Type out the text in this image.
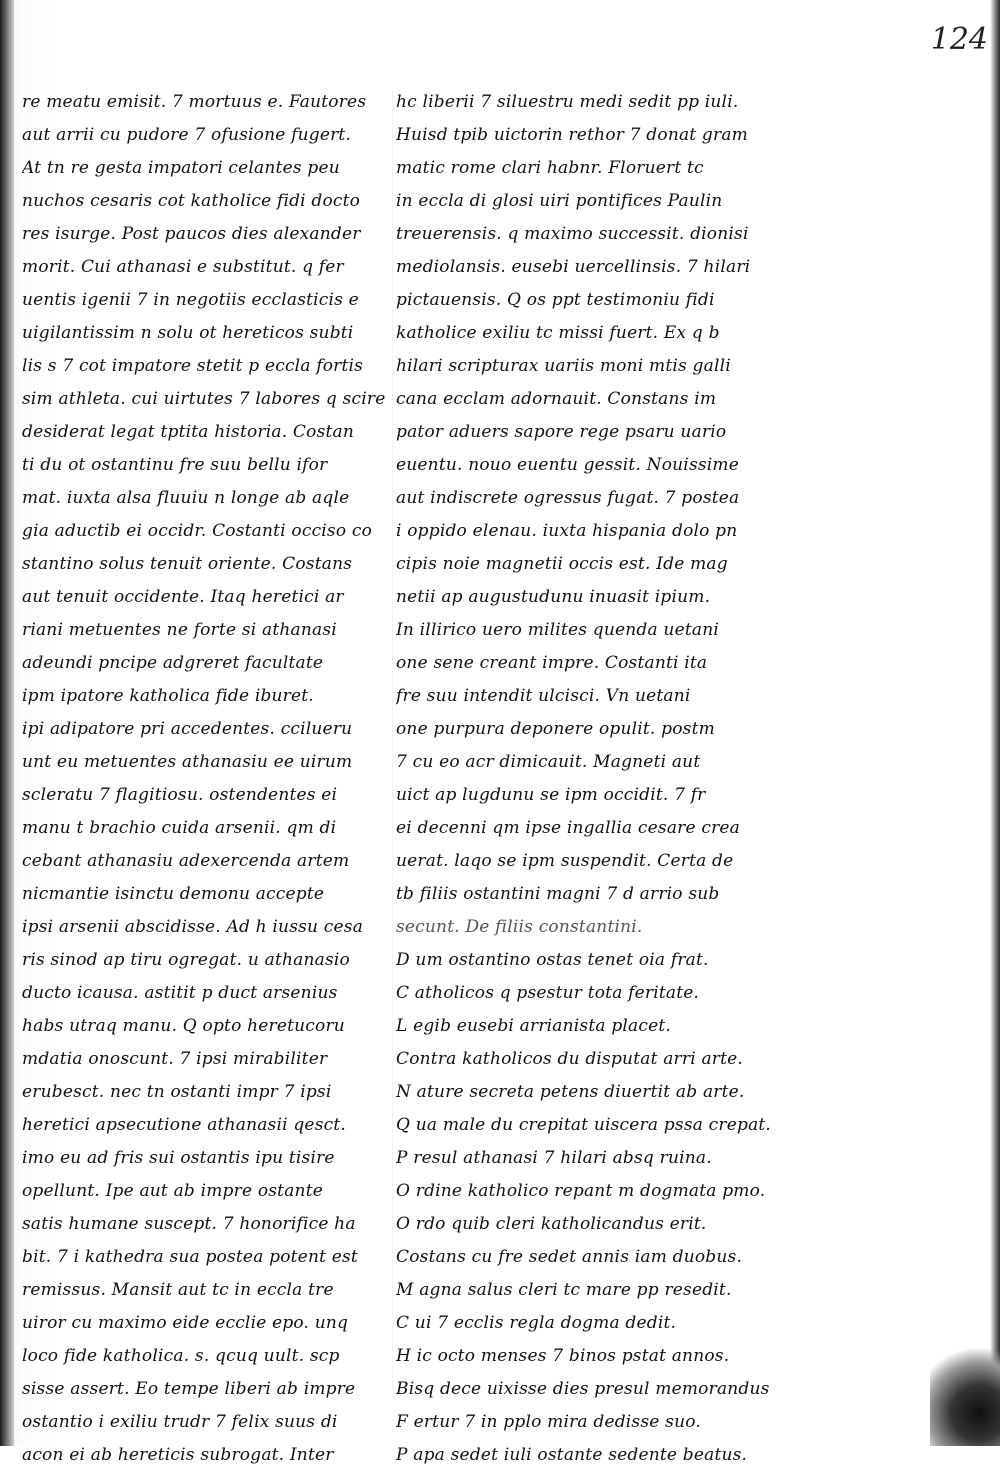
124
re meatu emisit. 7 mortuus e. Fautores
aut arrii cu pudore 7 ofusione fugert.
At tn re gesta impatori celantes peu
nuchos cesaris cot katholice fidi docto
res isurge. Post paucos dies alexander
morit. Cui athanasi e substitut. q fer
uentis igenii 7 in negotiis ecclasticis e
uigilantissim n solu ot hereticos subti
lis s 7 cot impatore stetit p eccla fortis
sim athleta. cui uirtutes 7 labores q scire
desiderat legat tptita historia. Costan
ti du ot ostantinu fre suu bellu ifor
mat. iuxta alsa fluuiu n longe ab aqle
gia aductib ei occidr. Costanti occiso co
stantino solus tenuit oriente. Costans
aut tenuit occidente. Itaq heretici ar
riani metuentes ne forte si athanasi
adeundi pncipe adgreret facultate
ipm ipatore katholica fide iburet.
ipi adipatore pri accedentes. ccilueru
unt eu metuentes athanasiu ee uirum
scleratu 7 flagitiosu. ostendentes ei
manu t brachio cuida arsenii. qm di
cebant athanasiu adexercenda artem
nicmantie isinctu demonu accepte
ipsi arsenii abscidisse. Ad h iussu cesa
ris sinod ap tiru ogregat. u athanasio
ducto icausa. astitit p duct arsenius
habs utraq manu. Q opto heretucoru
mdatia onoscunt. 7 ipsi mirabiliter
erubesct. nec tn ostanti impr 7 ipsi
heretici apsecutione athanasii qesct.
imo eu ad fris sui ostantis ipu tisire
opellunt. Ipe aut ab impre ostante
satis humane suscept. 7 honorifice ha
bit. 7 i kathedra sua postea potent est
remissus. Mansit aut tc in eccla tre
uiror cu maximo eide ecclie epo. unq
loco fide katholica. s. qcuq uult. scp
sisse assert. Eo tempe liberi ab impre
ostantio i exiliu trudr 7 felix suus di
acon ei ab hereticis subrogat. Inter
hc liberii 7 siluestru medi sedit pp iuli.
Huisd tpib uictorin rethor 7 donat gram
matic rome clari habnr. Floruert tc
in eccla di glosi uiri pontifices Paulin
treuerensis. q maximo successit. dionisi
mediolansis. eusebi uercellinsis. 7 hilari
pictauensis. Q os ppt testimoniu fidi
katholice exiliu tc missi fuert. Ex q b
hilari scripturax uariis moni mtis galli
cana ecclam adornauit. Constans im
pator aduers sapore rege psaru uario
euentu. nouo euentu gessit. Nouissime
aut indiscrete ogressus fugat. 7 postea
i oppido elenau. iuxta hispania dolo pn
cipis noie magnetii occis est. Ide mag
netii ap augustudunu inuasit ipium.
In illirico uero milites quenda uetani
one sene creant impre. Costanti ita
fre suu intendit ulcisci. Vn uetani
one purpura deponere opulit. postm
7 cu eo acr dimicauit. Magneti aut
uict ap lugdunu se ipm occidit. 7 fr
ei decenni qm ipse ingallia cesare crea
uerat. laqo se ipm suspendit. Certa de
tb filiis ostantini magni 7 d arrio sub
secunt. De filiis constantini.
D um ostantino ostas tenet oia frat.
C atholicos q psestur tota feritate.
L egib eusebi arrianista placet.
Contra katholicos du disputat arri arte.
N ature secreta petens diuertit ab arte.
Q ua male du crepitat uiscera pssa crepat.
P resul athanasi 7 hilari absq ruina.
O rdine katholico repant m dogmata pmo.
O rdo quib cleri katholicandus erit.
Costans cu fre sedet annis iam duobus.
M agna salus cleri tc mare pp resedit.
C ui 7 ecclis regla dogma dedit.
H ic octo menses 7 binos pstat annos.
Bisq dece uixisse dies presul memorandus
F ertur 7 in pplo mira dedisse suo.
P apa sedet iuli ostante sedente beatus.
